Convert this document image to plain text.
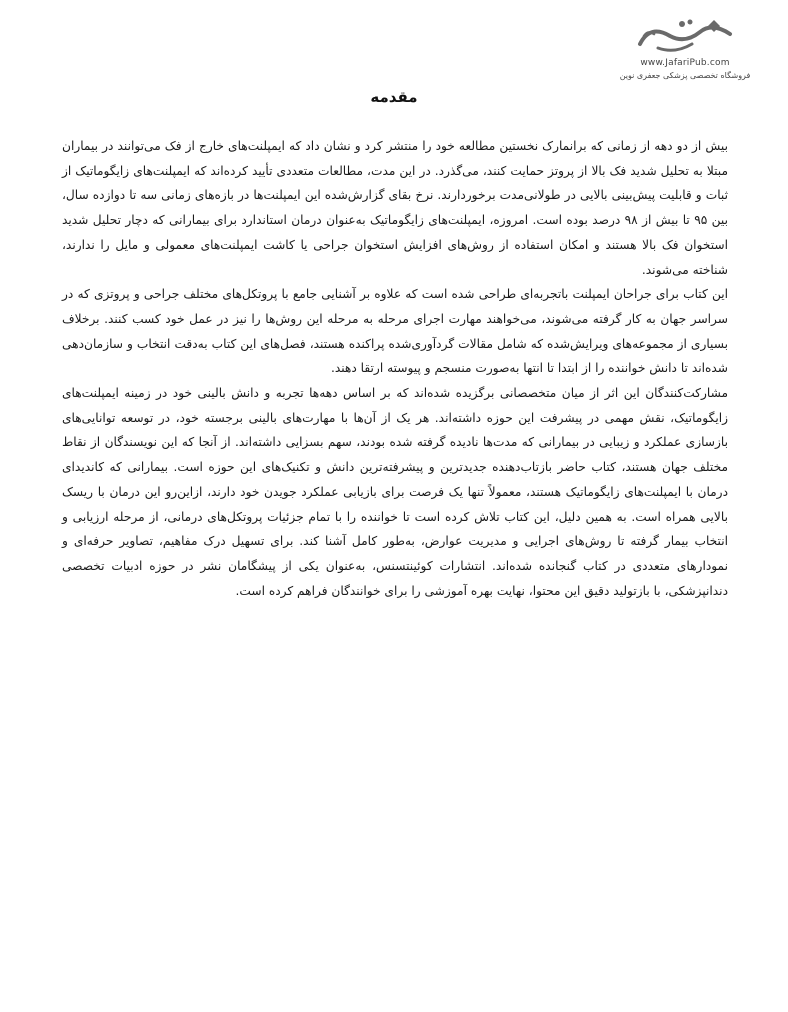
www.JafariPub.com
فروشگاه تخصصی پزشکی جعفری نوین
مقدمه

بیش از دو دهه از زمانی که برانمارک نخستین مطالعه خود را منتشر کرد و نشان داد که ایمپلنت‌های خارج از فک می‌توانند در بیماران مبتلا به تحلیل شدید فک بالا از پروتز حمایت کنند، می‌گذرد. در این مدت، مطالعات متعددی تأیید کرده‌اند که ایمپلنت‌های زایگوماتیک از ثبات و قابلیت پیش‌بینی بالایی در طولانی‌مدت برخوردارند. نرخ بقای گزارش‌شده این ایمپلنت‌ها در بازه‌های زمانی سه تا دوازده سال، بین ۹۵ تا بیش از ۹۸ درصد بوده است. امروزه، ایمپلنت‌های زایگوماتیک به‌عنوان درمان استاندارد برای بیمارانی که دچار تحلیل شدید استخوان فک بالا هستند و امکان استفاده از روش‌های افزایش استخوان جراحی یا کاشت ایمپلنت‌های معمولی و مایل را ندارند، شناخته می‌شوند.

این کتاب برای جراحان ایمپلنت باتجربه‌ای طراحی شده است که علاوه بر آشنایی جامع با پروتکل‌های مختلف جراحی و پروتزی که در سراسر جهان به کار گرفته می‌شوند، می‌خواهند مهارت اجرای مرحله به مرحله این روش‌ها را نیز در عمل خود کسب کنند. برخلاف بسیاری از مجموعه‌های ویرایش‌شده که شامل مقالات گردآوری‌شده پراکنده هستند، فصل‌های این کتاب به‌دقت انتخاب و سازمان‌دهی شده‌اند تا دانش خواننده را از ابتدا تا انتها به‌صورت منسجم و پیوسته ارتقا دهند.

مشارکت‌کنندگان این اثر از میان متخصصانی برگزیده شده‌اند که بر اساس دهه‌ها تجربه و دانش بالینی خود در زمینه ایمپلنت‌های زایگوماتیک، نقش مهمی در پیشرفت این حوزه داشته‌اند. هر یک از آن‌ها با مهارت‌های بالینی برجسته خود، در توسعه توانایی‌های بازسازی عملکرد و زیبایی در بیمارانی که مدت‌ها نادیده گرفته شده بودند، سهم بسزایی داشته‌اند. از آنجا که این نویسندگان از نقاط مختلف جهان هستند، کتاب حاضر بازتاب‌دهنده جدیدترین و پیشرفته‌ترین دانش و تکنیک‌های این حوزه است. بیمارانی که کاندیدای درمان با ایمپلنت‌های زایگوماتیک هستند، معمولاً تنها یک فرصت برای بازیابی عملکرد جویدن خود دارند، ازاین‌رو این درمان با ریسک بالایی همراه است. به همین دلیل، این کتاب تلاش کرده است تا خواننده را با تمام جزئیات پروتکل‌های درمانی، از مرحله ارزیابی و انتخاب بیمار گرفته تا روش‌های اجرایی و مدیریت عوارض، به‌طور کامل آشنا کند. برای تسهیل درک مفاهیم، تصاویر حرفه‌ای و نمودارهای متعددی در کتاب گنجانده شده‌اند. انتشارات کوئینتسنس، به‌عنوان یکی از پیشگامان نشر در حوزه ادبیات تخصصی دندانپزشکی، با بازتولید دقیق این محتوا، نهایت بهره آموزشی را برای خوانندگان فراهم کرده است.
